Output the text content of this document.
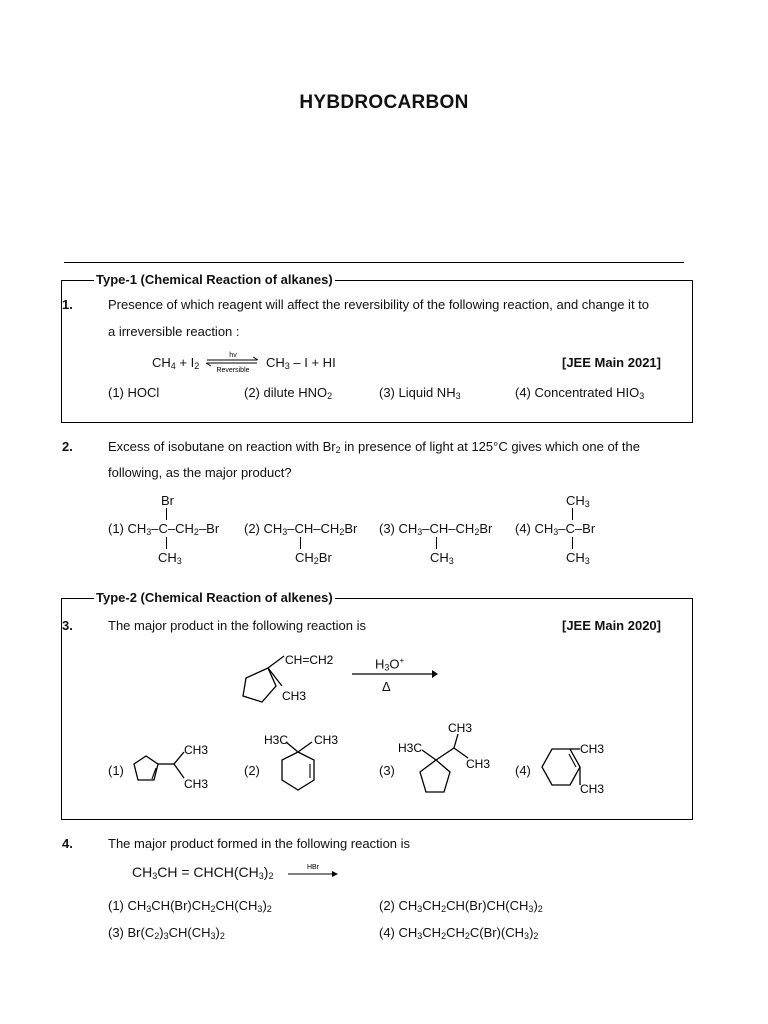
HYBDROCARBON
Type-1 (Chemical Reaction of alkanes)
1.	Presence of which reagent will affect the reversibility of the following reaction, and change it to
a irreversible reaction :
$CH_4 + I_2$
hv
Reversible
$CH_3$ – I + HI	[JEE Main 2021]
(1) HOCl	(2) dilute $HNO_2$	(3) Liquid $NH_3$	(4) Concentrated $HIO_3$
2.	Excess of isobutane on reaction with $Br_2$ in presence of light at 125°C gives which one of the
following, as the major product?
(1) $CH_3-C-CH_2-Br$
Br
$CH_3$
(2) $CH_3-CH-CH_2Br$
$CH_2Br$
(3) $CH_3-CH-CH_2Br$
$CH_3$
(4) $CH_3-C-Br$
$CH_3$
$CH_3$
Type-2 (Chemical Reaction of alkenes)
3.	The major product in the following reaction is	[JEE Main 2020]
CH=CH2
CH3
$H_3O^+$
Δ
(1)
CH3
CH3
(2)
H3C CH3
(3)
CH3
H3C
CH3 (4)
CH3
CH3
4.	The major product formed in the following reaction is
$CH_3CH$ = $CHCH(CH_3)_2$
HBr
(1) $CH_3CH(Br)CH_2CH(CH_3)_2$	(2) $CH_3CH_2CH(Br)CH(CH_3)_2$
(3) $Br(C_2)_3CH(CH_3)_2$	(4) $CH_3CH_2CH_2C(Br)(CH_3)_2$
